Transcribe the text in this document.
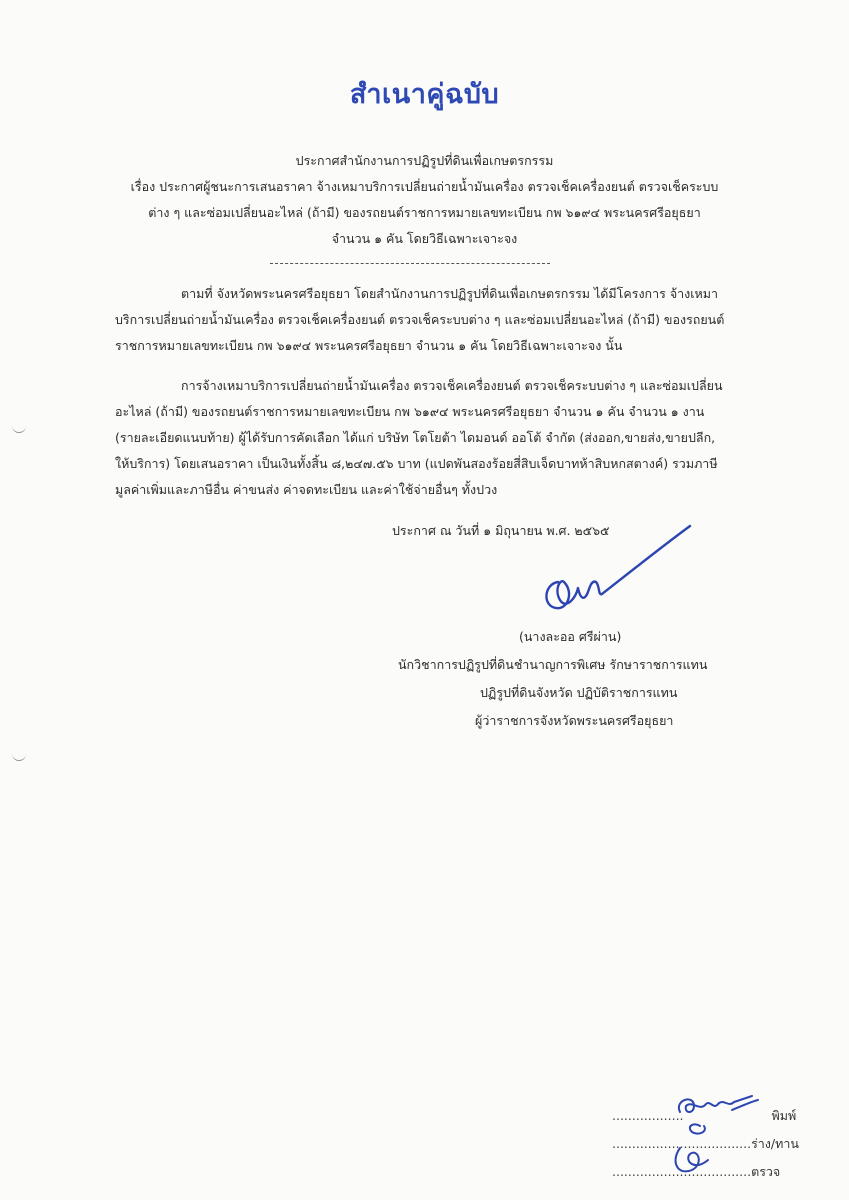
สำเนาคู่ฉบับ
ประกาศสำนักงานการปฏิรูปที่ดินเพื่อเกษตรกรรม
เรื่อง ประกาศผู้ชนะการเสนอราคา จ้างเหมาบริการเปลี่ยนถ่ายน้ำมันเครื่อง ตรวจเช็คเครื่องยนต์ ตรวจเช็คระบบ
ต่าง ๆ และซ่อมเปลี่ยนอะไหล่ (ถ้ามี) ของรถยนต์ราชการหมายเลขทะเบียน กพ ๖๑๙๔ พระนครศรีอยุธยา
จำนวน ๑ คัน โดยวิธีเฉพาะเจาะจง
ตามที่ จังหวัดพระนครศรีอยุธยา โดยสำนักงานการปฏิรูปที่ดินเพื่อเกษตรกรรม ได้มีโครงการ จ้างเหมา
บริการเปลี่ยนถ่ายน้ำมันเครื่อง ตรวจเช็คเครื่องยนต์ ตรวจเช็คระบบต่าง ๆ และซ่อมเปลี่ยนอะไหล่ (ถ้ามี) ของรถยนต์
ราชการหมายเลขทะเบียน กพ ๖๑๙๔ พระนครศรีอยุธยา จำนวน ๑ คัน โดยวิธีเฉพาะเจาะจง นั้น
การจ้างเหมาบริการเปลี่ยนถ่ายน้ำมันเครื่อง ตรวจเช็คเครื่องยนต์ ตรวจเช็คระบบต่าง ๆ และซ่อมเปลี่ยน
อะไหล่ (ถ้ามี) ของรถยนต์ราชการหมายเลขทะเบียน กพ ๖๑๙๔ พระนครศรีอยุธยา จำนวน ๑ คัน จำนวน ๑ งาน
(รายละเอียดแนบท้าย) ผู้ได้รับการคัดเลือก ได้แก่ บริษัท โตโยต้า ไดมอนด์ ออโต้ จำกัด (ส่งออก,ขายส่ง,ขายปลีก,
ให้บริการ) โดยเสนอราคา เป็นเงินทั้งสิ้น ๘,๒๔๗.๕๖ บาท (แปดพันสองร้อยสี่สิบเจ็ดบาทห้าสิบหกสตางค์) รวมภาษี
มูลค่าเพิ่มและภาษีอื่น ค่าขนส่ง ค่าจดทะเบียน และค่าใช้จ่ายอื่นๆ ทั้งปวง
ประกาศ ณ วันที่ ๑ มิถุนายน พ.ศ. ๒๕๖๕
(นางละออ ศรีผ่าน)
นักวิชาการปฏิรูปที่ดินชำนาญการพิเศษ รักษาราชการแทน
ปฏิรูปที่ดินจังหวัด ปฏิบัติราชการแทน
ผู้ว่าราชการจังหวัดพระนครศรีอยุธยา
..................	พิมพ์
...................................ร่าง/ทาน
...................................ตรวจ
